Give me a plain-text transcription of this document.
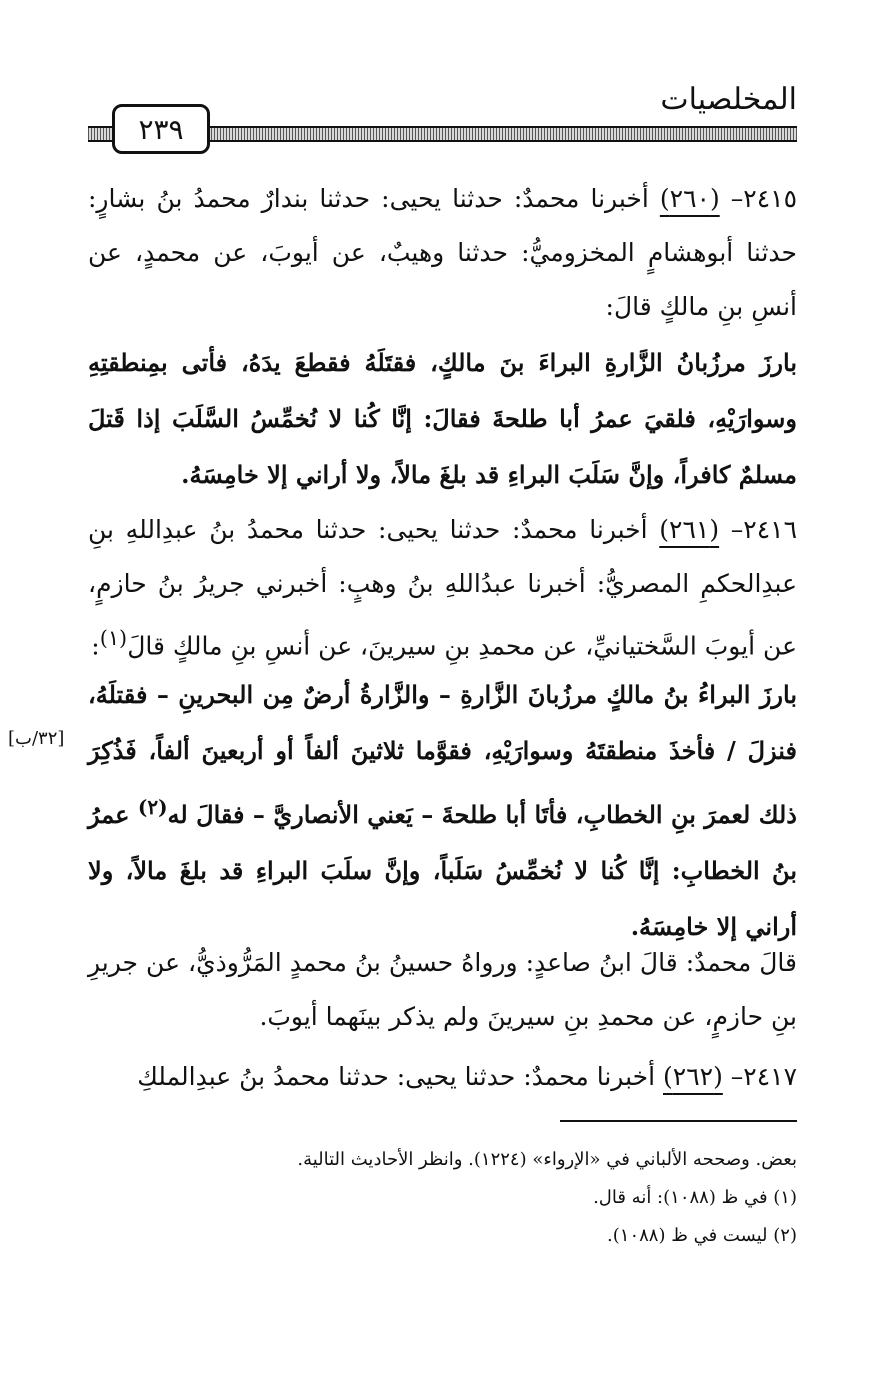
المخلصيات
٢٣٩
٢٤١٥– (٢٦٠) أخبرنا محمدٌ: حدثنا يحيى: حدثنا بندارٌ محمدُ بنُ بشارٍ: حدثنا أبوهشامٍ المخزوميُّ: حدثنا وهيبٌ، عن أيوبَ، عن محمدٍ، عن أنسِ بنِ مالكٍ قالَ:
بارزَ مرزُبانُ الزَّارةِ البراءَ بنَ مالكٍ، فقتَلَهُ فقطعَ يدَهُ، فأتى بمِنطقتِهِ وسوارَيْهِ، فلقيَ عمرُ أبا طلحةَ فقالَ: إنَّا كُنا لا نُخمِّسُ السَّلَبَ إذا قَتلَ مسلمٌ كافراً، وإنَّ سَلَبَ البراءِ قد بلغَ مالاً، ولا أراني إلا خامِسَهُ.
٢٤١٦– (٢٦١) أخبرنا محمدٌ: حدثنا يحيى: حدثنا محمدُ بنُ عبدِاللهِ بنِ عبدِالحكمِ المصريُّ: أخبرنا عبدُاللهِ بنُ وهبٍ: أخبرني جريرُ بنُ حازمٍ، عن أيوبَ السَّختيانيِّ، عن محمدِ بنِ سيرينَ، عن أنسِ بنِ مالكٍ قالَ$^{(١)}$:
بارزَ البراءُ بنُ مالكٍ مرزُبانَ الزَّارةِ – والزَّارةُ أرضٌ مِن البحرينِ – فقتلَهُ، فنزلَ / فأخذَ منطقتَهُ وسوارَيْهِ، فقوَّما ثلاثينَ ألفاً أو أربعينَ ألفاً، فَذُكِرَ ذلك لعمرَ بنِ الخطابِ، فأتَا أبا طلحةَ – يَعني الأنصاريَّ – فقالَ له$^{(٢)}$ عمرُ بنُ الخطابِ: إنَّا كُنا لا نُخمِّسُ سَلَباً، وإنَّ سلَبَ البراءِ قد بلغَ مالاً، ولا أراني إلا خامِسَهُ.
[٣٢/ب]
قالَ محمدٌ: قالَ ابنُ صاعدٍ: ورواهُ حسينُ بنُ محمدٍ المَرُّوذيُّ، عن جريرِ بنِ حازمٍ، عن محمدِ بنِ سيرينَ ولم يذكر بينَهما أيوبَ.
٢٤١٧– (٢٦٢) أخبرنا محمدٌ: حدثنا يحيى: حدثنا محمدُ بنُ عبدِالملكِ
بعض. وصححه الألباني في «الإرواء» (١٢٢٤). وانظر الأحاديث التالية.
(١) في ظ (١٠٨٨): أنه قال.
(٢) ليست في ظ (١٠٨٨).
